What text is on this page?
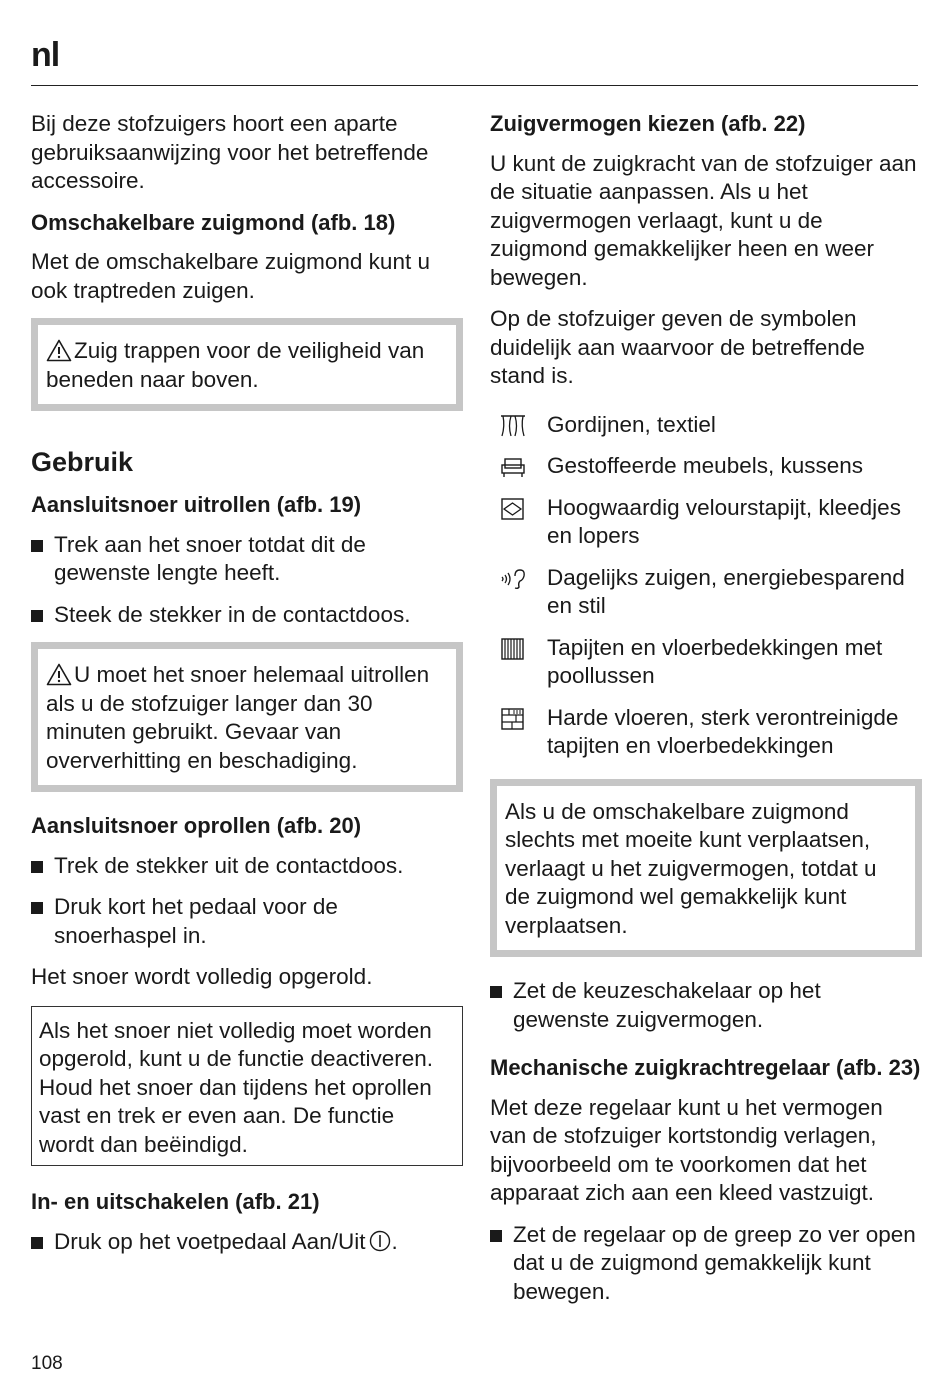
nl

Bij deze stofzuigers hoort een aparte gebruiksaanwijzing voor het betreffende accessoire.

Omschakelbare zuigmond (afb. 18)

Met de omschakelbare zuigmond kunt u ook traptreden zuigen.

Zuig trappen voor de veiligheid van beneden naar boven.
Gebruik
Aansluitsnoer uitrollen (afb. 19)
Trek aan het snoer totdat dit de gewenste lengte heeft.
Steek de stekker in de contactdoos.
U moet het snoer helemaal uitrollen als u de stofzuiger langer dan 30 minuten gebruikt. Gevaar van oververhitting en beschadiging.
Aansluitsnoer oprollen (afb. 20)
Trek de stekker uit de contactdoos.
Druk kort het pedaal voor de snoerhaspel in.

Het snoer wordt volledig opgerold.

Als het snoer niet volledig moet worden opgerold, kunt u de functie deactiveren. Houd het snoer dan tijdens het oprollen vast en trek er even aan. De functie wordt dan beëindigd.
In- en uitschakelen (afb. 21)
Druk op het voetpedaal Aan/Uit .
Zuigvermogen kiezen (afb. 22)

U kunt de zuigkracht van de stofzuiger aan de situatie aanpassen. Als u het zuigvermogen verlaagt, kunt u de zuigmond gemakkelijker heen en weer bewegen.

Op de stofzuiger geven de symbolen duidelijk aan waarvoor de betreffende stand is.

Gordijnen, textiel
Gestoffeerde meubels, kussens
Hoogwaardig velourstapijt, kleedjes en lopers
Dagelijks zuigen, energiebesparend en stil
Tapijten en vloerbedekkingen met poollussen
Harde vloeren, sterk verontreinigde tapijten en vloerbedekkingen
Als u de omschakelbare zuigmond slechts met moeite kunt verplaatsen, verlaagt u het zuigvermogen, totdat u de zuigmond wel gemakkelijk kunt verplaatsen.
Zet de keuzeschakelaar op het gewenste zuigvermogen.
Mechanische zuigkrachtregelaar (afb. 23)

Met deze regelaar kunt u het vermogen van de stofzuiger kortstondig verlagen, bijvoorbeeld om te voorkomen dat het apparaat zich aan een kleed vastzuigt.

Zet de regelaar op de greep zo ver open dat u de zuigmond gemakkelijk kunt bewegen.
108
